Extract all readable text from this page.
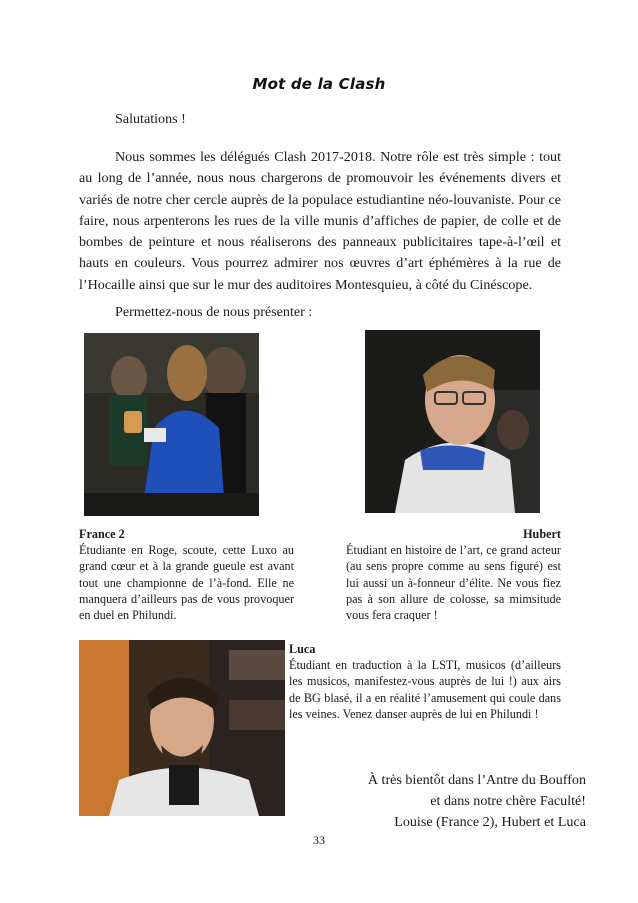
Mot de la Clash
Salutations !
Nous sommes les délégués Clash 2017-2018. Notre rôle est très simple : tout au long de l’année, nous nous chargerons de promouvoir les événements divers et variés de notre cher cercle auprès de la populace estudiantine néo-louvaniste. Pour ce faire, nous arpenterons les rues de la ville munis d’affiches de papier, de colle et de bombes de peinture et nous réaliserons des panneaux publicitaires tape-à-l’œil et hauts en couleurs. Vous pourrez admirer nos œuvres d’art éphémères à la rue de l’Hocaille ainsi que sur le mur des auditoires Montesquieu, à côté du Cinéscope.
Permettez-nous de nous présenter :
France 2
Étudiante en Roge, scoute, cette Luxo au grand cœur et à la grande gueule est avant tout une championne de l’à-fond. Elle ne manquera d’ailleurs pas de vous provoquer en duel en Philundi.
Hubert
Étudiant en histoire de l’art, ce grand acteur (au sens propre comme au sens figuré) est lui aussi un à-fonneur d’élite. Ne vous fiez pas à son allure de colosse, sa mimsitude vous fera craquer !
Luca
Étudiant en traduction à la LSTI, musicos (d’ailleurs les musicos, manifestez-vous auprès de lui !) aux airs de BG blasé, il a en réalité l’amusement qui coule dans les veines. Venez danser auprès de lui en Philundi !
À très bientôt dans l’Antre du Bouffon
et dans notre chère Faculté!
Louise (France 2), Hubert et Luca
33
